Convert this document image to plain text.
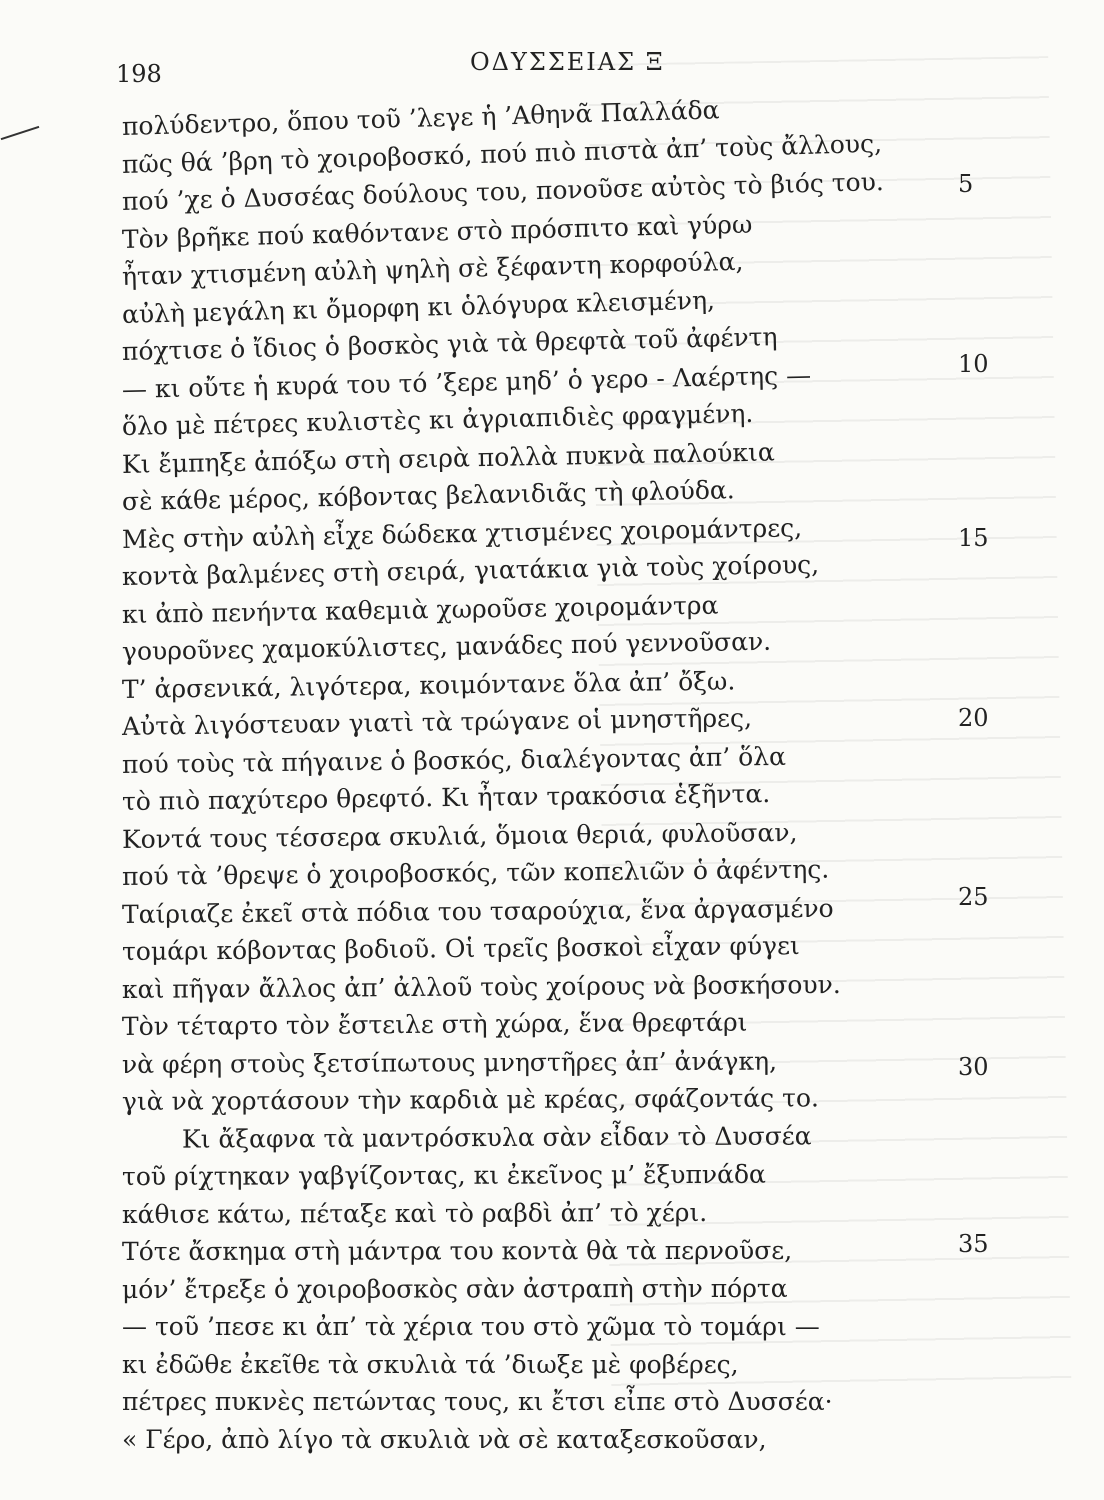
198	ΟΔΥΣΣΕΙΑΣ Ξ
πολύδεντρο, ὅπου τοῦ ’λεγε ἡ ’Αθηνᾶ Παλλάδα
πῶς θά ’βρη τὸ χοιροβοσκό, πού πιὸ πιστὰ ἀπ’ τοὺς ἄλλους,
πού ’χε ὁ Δυσσέας δούλους του, πονοῦσε αὐτὸς τὸ βιός του.
Τὸν βρῆκε πού καθόντανε στὸ πρόσπιτο καὶ γύρω
ἦταν χτισμένη αὐλὴ ψηλὴ σὲ ξέφαντη κορφούλα,
αὐλὴ μεγάλη κι ὄμορφη κι ὁλόγυρα κλεισμένη,
πόχτισε ὁ ἴδιος ὁ βοσκὸς γιὰ τὰ θρεφτὰ τοῦ ἀφέντη
— κι οὔτε ἡ κυρά του τό ’ξερε μηδ’ ὁ γερο - Λαέρτης —
ὅλο μὲ πέτρες κυλιστὲς κι ἀγριαπιδιὲς φραγμένη.
Κι ἔμπηξε ἀπόξω στὴ σειρὰ πολλὰ πυκνὰ παλούκια
σὲ κάθε μέρος, κόβοντας βελανιδιᾶς τὴ φλούδα.
Μὲς στὴν αὐλὴ εἶχε δώδεκα χτισμένες χοιρομάντρες,
κοντὰ βαλμένες στὴ σειρά, γιατάκια γιὰ τοὺς χοίρους,
κι ἀπὸ πενήντα καθεμιὰ χωροῦσε χοιρομάντρα
γουροῦνες χαμοκύλιστες, μανάδες πού γεννοῦσαν.
Τ’ ἀρσενικά, λιγότερα, κοιμόντανε ὅλα ἀπ’ ὄξω.
Αὐτὰ λιγόστευαν γιατὶ τὰ τρώγανε οἱ μνηστῆρες,
πού τοὺς τὰ πήγαινε ὁ βοσκός, διαλέγοντας ἀπ’ ὅλα
τὸ πιὸ παχύτερο θρεφτό. Κι ἦταν τρακόσια ἑξῆντα.
Κοντά τους τέσσερα σκυλιά, ὅμοια θεριά, φυλοῦσαν,
πού τὰ ’θρεψε ὁ χοιροβοσκός, τῶν κοπελιῶν ὁ ἀφέντης.
Ταίριαζε ἐκεῖ στὰ πόδια του τσαρούχια, ἕνα ἀργασμένο
τομάρι κόβοντας βοδιοῦ. Οἱ τρεῖς βοσκοὶ εἶχαν φύγει
καὶ πῆγαν ἄλλος ἀπ’ ἀλλοῦ τοὺς χοίρους νὰ βοσκήσουν.
Τὸν τέταρτο τὸν ἔστειλε στὴ χώρα, ἕνα θρεφτάρι
νὰ φέρη στοὺς ξετσίπωτους μνηστῆρες ἀπ’ ἀνάγκη,
γιὰ νὰ χορτάσουν τὴν καρδιὰ μὲ κρέας, σφάζοντάς το.
Κι ἄξαφνα τὰ μαντρόσκυλα σὰν εἶδαν τὸ Δυσσέα
τοῦ ρίχτηκαν γαβγίζοντας, κι ἐκεῖνος μ’ ἔξυπνάδα
κάθισε κάτω, πέταξε καὶ τὸ ραβδὶ ἀπ’ τὸ χέρι.
Τότε ἄσκημα στὴ μάντρα του κοντὰ θὰ τὰ περνοῦσε,
μόν’ ἔτρεξε ὁ χοιροβοσκὸς σὰν ἀστραπὴ στὴν πόρτα
— τοῦ ’πεσε κι ἀπ’ τὰ χέρια του στὸ χῶμα τὸ τομάρι —
κι ἐδῶθε ἐκεῖθε τὰ σκυλιὰ τά ’διωξε μὲ φοβέρες,
πέτρες πυκνὲς πετώντας τους, κι ἔτσι εἶπε στὸ Δυσσέα·
« Γέρο, ἀπὸ λίγο τὰ σκυλιὰ νὰ σὲ καταξεσκοῦσαν,
5
10
15
20
25
30
35
